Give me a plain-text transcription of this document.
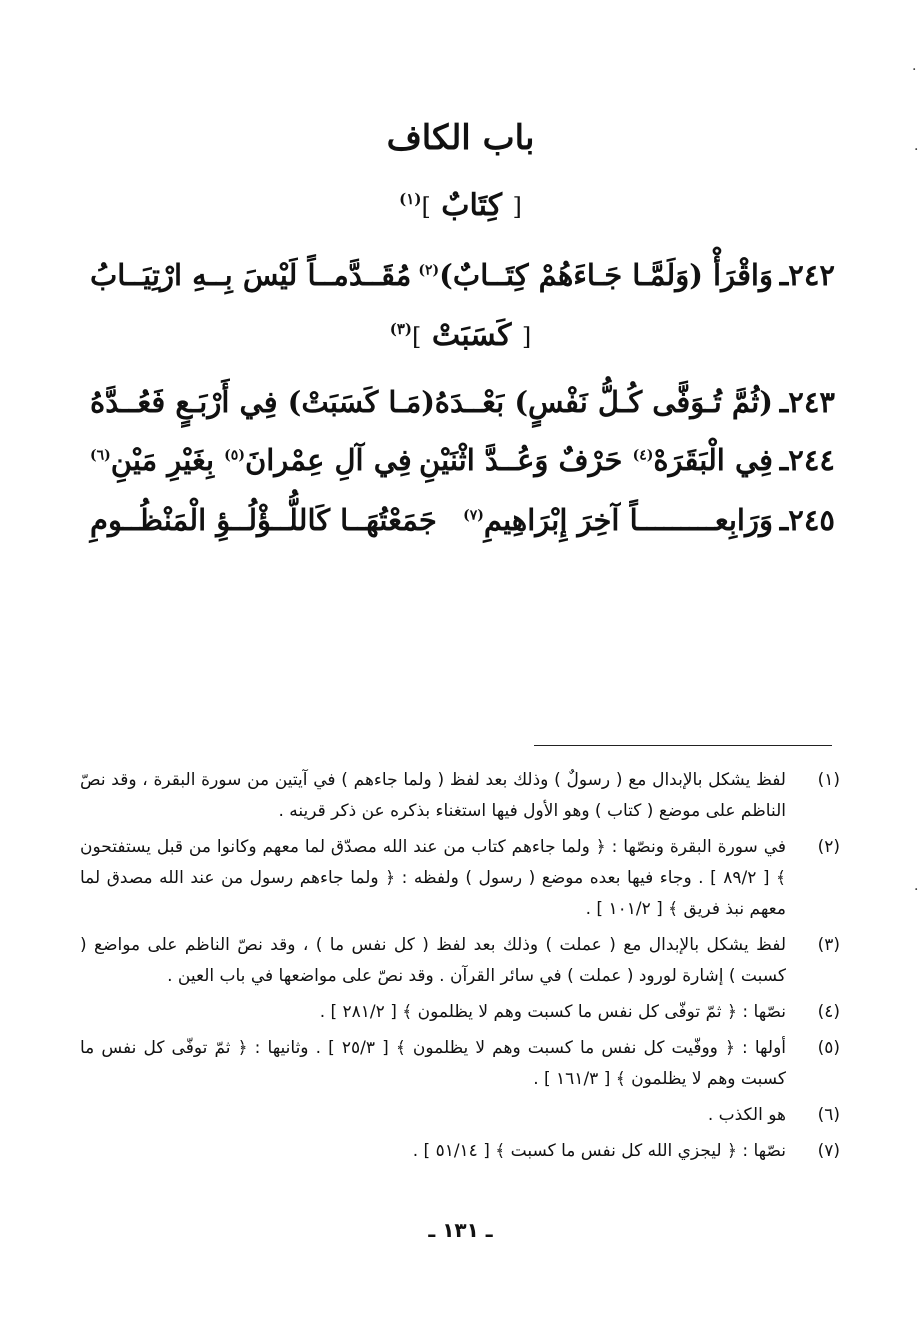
·
·
·
باب الكاف
[ كِتَابٌ ]$^{(١)}$
٢٤٢ـ
وَاقْرَأْ (وَلَمَّـا جَـاءَهُمْ كِتَــابٌ)$^{(٢)}$
مُقَــدَّمــاً لَيْسَ بِــهِ ارْتِيَــابُ
[ كَسَبَتْ ]$^{(٣)}$
٢٤٣ـ
(ثُمَّ تُـوَفَّى كُـلُّ نَفْسٍ) بَعْــدَهُ
(مَـا كَسَبَتْ) فِي أَرْبَـعٍ فَعُــدَّهُ
٢٤٤ـ
فِي الْبَقَرَهْ$^{(٤)}$ حَرْفٌ وَعُــدَّ اثْنَيْنِ
فِي آلِ عِمْرانَ$^{(٥)}$ بِغَيْرِ مَيْنِ$^{(٦)}$
٢٤٥ـ
وَرَابِعـــــــــاً آخِرَ إِبْرَاهِيمِ$^{(٧)}$
جَمَعْتُهَــا كَاللُّــؤْلُــؤِ الْمَنْظُــومِ
(١)
لفظ يشكل بالإبدال مع ( رسولٌ ) وذلك بعد لفظ ( ولما جاءهم ) في آيتين من سورة البقرة ، وقد نصّ الناظم على موضع ( كتاب ) وهو الأول فيها استغناء بذكره عن ذكر قرينه .
(٢)
في سورة البقرة ونصّها : ﴿ ولما جاءهم كتاب من عند الله مصدّق لما معهم وكانوا من قبل يستفتحون ﴾ [ ٨٩/٢ ] . وجاء فيها بعده موضع ( رسول ) ولفظه : ﴿ ولما جاءهم رسول من عند الله مصدق لما معهم نبذ فريق ﴾ [ ١٠١/٢ ] .
(٣)
لفظ يشكل بالإبدال مع ( عملت ) وذلك بعد لفظ ( كل نفس ما ) ، وقد نصّ الناظم على مواضع ( كسبت ) إشارة لورود ( عملت ) في سائر القرآن . وقد نصّ على مواضعها في باب العين .
(٤)
نصّها : ﴿ ثمّ توفّى كل نفس ما كسبت وهم لا يظلمون ﴾ [ ٢٨١/٢ ] .
(٥)
أولها : ﴿ ووفّيت كل نفس ما كسبت وهم لا يظلمون ﴾ [ ٢٥/٣ ] . وثانيها : ﴿ ثمّ توفّى كل نفس ما كسبت وهم لا يظلمون ﴾ [ ١٦١/٣ ] .
(٦)
هو الكذب .
(٧)
نصّها : ﴿ ليجزي الله كل نفس ما كسبت ﴾ [ ٥١/١٤ ] .
ـ ١٣١ ـ
